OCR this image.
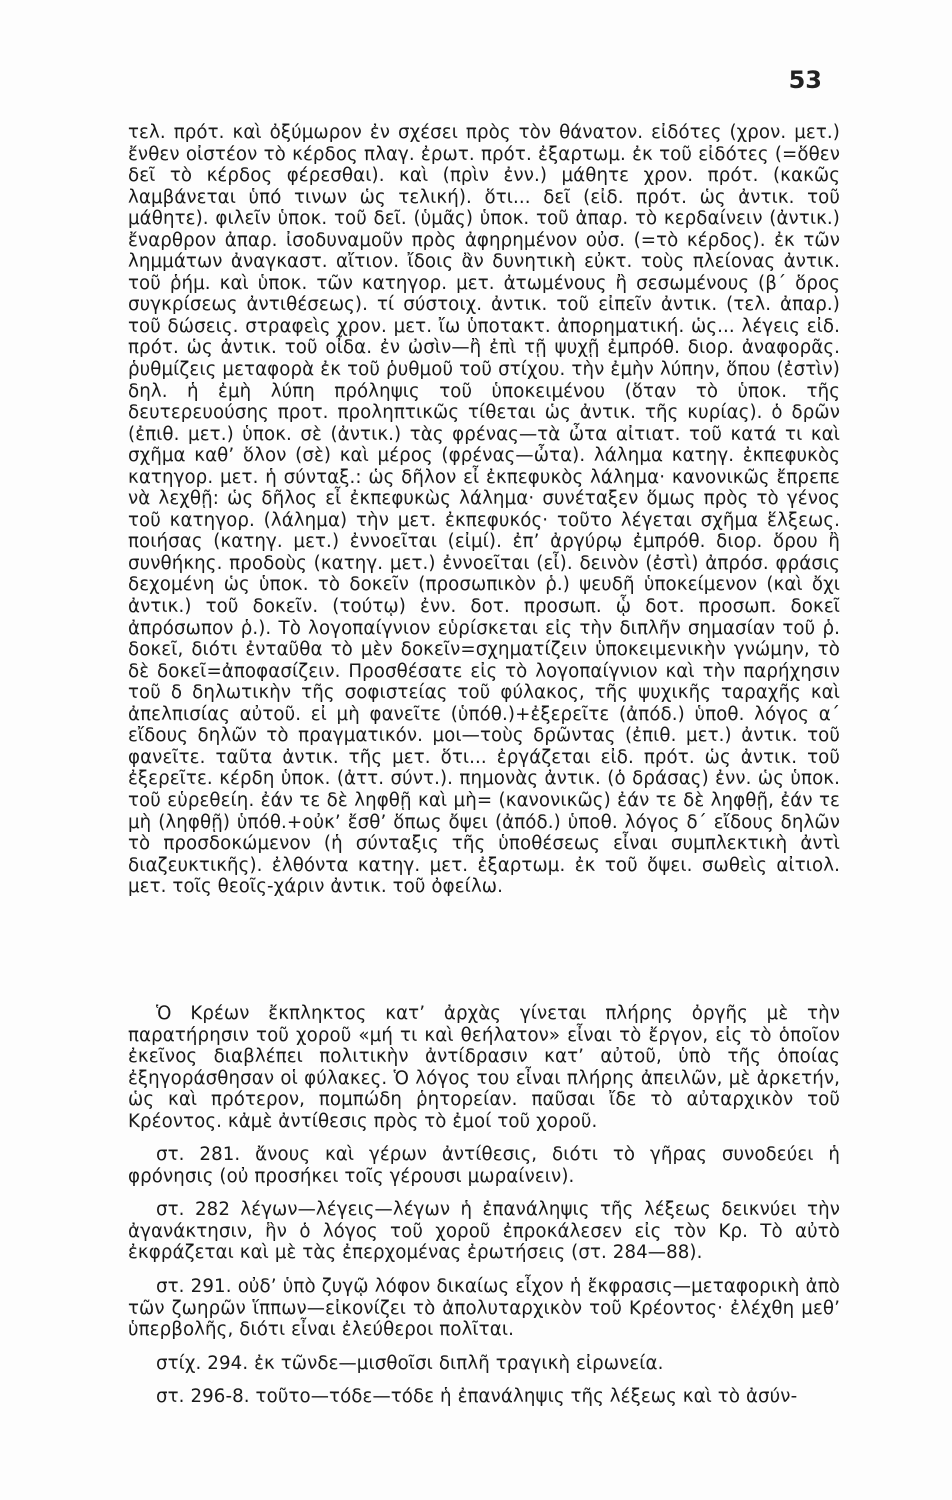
53

τελ. πρότ. καὶ ὀξύμωρον ἐν σχέσει πρὸς τὸν θάνατον. εἰδότες (χρον. μετ.) ἔνθεν οἰστέον τὸ κέρδος πλαγ. ἐρωτ. πρότ. ἐξαρτωμ. ἐκ τοῦ εἰδότες (=ὅθεν δεῖ τὸ κέρδος φέρεσθαι). καὶ (πρὶν ἐνν.) μάθητε χρον. πρότ. (κακῶς λαμβάνεται ὑπό τινων ὡς τελική). ὅτι... δεῖ (εἰδ. πρότ. ὡς ἀντικ. τοῦ μάθητε). φιλεῖν ὑποκ. τοῦ δεῖ. (ὑμᾶς) ὑποκ. τοῦ ἀπαρ. τὸ κερδαίνειν (ἀντικ.) ἔναρθρον ἀπαρ. ἰσοδυναμοῦν πρὸς ἀφηρημένον οὐσ. (=τὸ κέρδος). ἐκ τῶν λημμάτων ἀναγκαστ. αἴτιον. ἴδοις ἂν δυνητικὴ εὐκτ. τοὺς πλείονας ἀντικ. τοῦ ῥήμ. καὶ ὑποκ. τῶν κατηγορ. μετ. ἀτωμένους ἢ σεσωμένους (β΄ ὅρος συγκρίσεως ἀντιθέσεως). τί σύστοιχ. ἀντικ. τοῦ εἰπεῖν ἀντικ. (τελ. ἀπαρ.) τοῦ δώσεις. στραφεὶς χρον. μετ. ἴω ὑποτακτ. ἀπορηματική. ὡς... λέγεις εἰδ. πρότ. ὡς ἀντικ. τοῦ οἶδα. ἐν ὠσὶν—ἢ ἐπὶ τῇ ψυχῇ ἐμπρόθ. διορ. ἀναφορᾶς. ῥυθμίζεις μεταφορὰ ἐκ τοῦ ῥυθμοῦ τοῦ στίχου. τὴν ἐμὴν λύπην, ὅπου (ἐστὶν) δηλ. ἡ ἐμὴ λύπη πρόληψις τοῦ ὑποκειμένου (ὅταν τὸ ὑποκ. τῆς δευτερευούσης προτ. προληπτικῶς τίθεται ὡς ἀντικ. τῆς κυρίας). ὁ δρῶν (ἐπιθ. μετ.) ὑποκ. σὲ (ἀντικ.) τὰς φρένας—τὰ ὦτα αἰτιατ. τοῦ κατά τι καὶ σχῆμα καθ’ ὅλον (σὲ) καὶ μέρος (φρένας—ὦτα). λάλημα κατηγ. ἐκπεφυκὸς κατηγορ. μετ. ἡ σύνταξ.: ὡς δῆλον εἶ ἐκπεφυκὸς λάλημα· κανονικῶς ἔπρεπε νὰ λεχθῇ: ὡς δῆλος εἶ ἐκπεφυκὼς λάλημα· συνέταξεν ὅμως πρὸς τὸ γένος τοῦ κατηγορ. (λάλημα) τὴν μετ. ἐκπεφυκός· τοῦτο λέγεται σχῆμα ἕλξεως. ποιήσας (κατηγ. μετ.) ἐννοεῖται (εἰμί). ἐπ’ ἀργύρῳ ἐμπρόθ. διορ. ὅρου ἢ συνθήκης. προδοὺς (κατηγ. μετ.) ἐννοεῖται (εἶ). δεινὸν (ἐστὶ) ἀπρόσ. φράσις δεχομένη ὡς ὑποκ. τὸ δοκεῖν (προσωπικὸν ῥ.) ψευδῆ ὑποκείμενον (καὶ ὄχι ἀντικ.) τοῦ δοκεῖν. (τούτῳ) ἐνν. δοτ. προσωπ. ᾧ δοτ. προσωπ. δοκεῖ ἀπρόσωπον ῥ.). Τὸ λογοπαίγνιον εὑρίσκεται εἰς τὴν διπλῆν σημασίαν τοῦ ῥ. δοκεῖ, διότι ἐνταῦθα τὸ μὲν δοκεῖν=σχηματίζειν ὑποκειμενικὴν γνώμην, τὸ δὲ δοκεῖ=ἀποφασίζειν. Προσθέσατε εἰς τὸ λογοπαίγνιον καὶ τὴν παρήχησιν τοῦ δ δηλωτικὴν τῆς σοφιστείας τοῦ φύλακος, τῆς ψυχικῆς ταραχῆς καὶ ἀπελπισίας αὐτοῦ. εἰ μὴ φανεῖτε (ὑπόθ.)+ἐξερεῖτε (ἀπόδ.) ὑποθ. λόγος α΄ εἴδους δηλῶν τὸ πραγματικόν. μοι—τοὺς δρῶντας (ἐπιθ. μετ.) ἀντικ. τοῦ φανεῖτε. ταῦτα ἀντικ. τῆς μετ. ὅτι... ἐργάζεται εἰδ. πρότ. ὡς ἀντικ. τοῦ ἐξερεῖτε. κέρδη ὑποκ. (ἀττ. σύντ.). πημονὰς ἀντικ. (ὁ δράσας) ἐνν. ὡς ὑποκ. τοῦ εὑρεθείη. ἐάν τε δὲ ληφθῇ καὶ μὴ= (κανονικῶς) ἐάν τε δὲ ληφθῇ, ἐάν τε μὴ (ληφθῇ) ὑπόθ.+οὐκ’ ἔσθ’ ὅπως ὄψει (ἀπόδ.) ὑποθ. λόγος δ΄ εἴδους δηλῶν τὸ προσδοκώμενον (ἡ σύνταξις τῆς ὑποθέσεως εἶναι συμπλεκτικὴ ἀντὶ διαζευκτικῆς). ἐλθόντα κατηγ. μετ. ἐξαρτωμ. ἐκ τοῦ ὄψει. σωθεὶς αἰτιολ. μετ. τοῖς θεοῖς-χάριν ἀντικ. τοῦ ὀφείλω.

Ὁ Κρέων ἔκπληκτος κατ’ ἀρχὰς γίνεται πλήρης ὀργῆς μὲ τὴν παρατήρησιν τοῦ χοροῦ «μή τι καὶ θεήλατον» εἶναι τὸ ἔργον, εἰς τὸ ὁποῖον ἐκεῖνος διαβλέπει πολιτικὴν ἀντίδρασιν κατ’ αὐτοῦ, ὑπὸ τῆς ὁποίας ἐξηγοράσθησαν οἱ φύλακες. Ὁ λόγος του εἶναι πλήρης ἀπειλῶν, μὲ ἀρκετήν, ὡς καὶ πρότερον, πομπώδη ῥητορείαν. παῦσαι ἴδε τὸ αὐταρχικὸν τοῦ Κρέοντος. κἀμὲ ἀντίθεσις πρὸς τὸ ἐμοί τοῦ χοροῦ.

στ. 281. ἄνους καὶ γέρων ἀντίθεσις, διότι τὸ γῆρας συνοδεύει ἡ φρόνησις (οὐ προσήκει τοῖς γέρουσι μωραίνειν).

στ. 282 λέγων—λέγεις—λέγων ἡ ἐπανάληψις τῆς λέξεως δεικνύει τὴν ἀγανάκτησιν, ἣν ὁ λόγος τοῦ χοροῦ ἐπροκάλεσεν εἰς τὸν Κρ. Τὸ αὐτὸ ἐκφράζεται καὶ μὲ τὰς ἐπερχομένας ἐρωτήσεις (στ. 284—88).

στ. 291. οὐδ’ ὑπὸ ζυγῷ λόφον δικαίως εἶχον ἡ ἔκφρασις—μεταφορικὴ ἀπὸ τῶν ζωηρῶν ἵππων—εἰκονίζει τὸ ἀπολυταρχικὸν τοῦ Κρέοντος· ἐλέχθη μεθ’ ὑπερβολῆς, διότι εἶναι ἐλεύθεροι πολῖται.

στίχ. 294. ἐκ τῶνδε—μισθοῖσι διπλῆ τραγικὴ εἰρωνεία.

στ. 296-8. τοῦτο—τόδε—τόδε ἡ ἐπανάληψις τῆς λέξεως καὶ τὸ ἀσύν-
